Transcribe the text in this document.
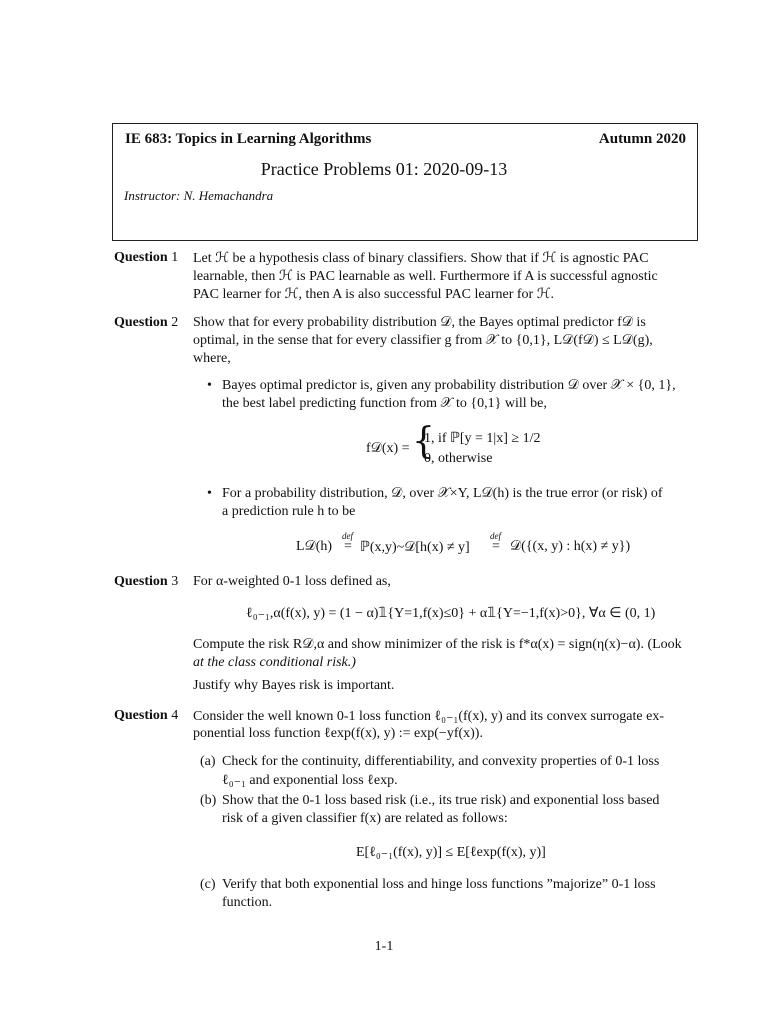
IE 683: Topics in Learning Algorithms	Autumn 2020
Practice Problems 01: 2020-09-13
Instructor: N. Hemachandra
Question 1 Let ℋ be a hypothesis class of binary classifiers. Show that if ℋ is agnostic PAC
learnable, then ℋ is PAC learnable as well. Furthermore if A is successful agnostic
PAC learner for ℋ, then A is also successful PAC learner for ℋ.
Question 2 Show that for every probability distribution 𝒟, the Bayes optimal predictor f𝒟 is
optimal, in the sense that for every classifier g from 𝒳 to {0,1}, L𝒟(f𝒟) ≤ L𝒟(g),
where,
• Bayes optimal predictor is, given any probability distribution 𝒟 over 𝒳 × {0, 1},
the best label predicting function from 𝒳 to {0,1} will be,
f𝒟(x) = {
1, if ℙ[y = 1|x] ≥ 1/2
0, otherwise
• For a probability distribution, 𝒟, over 𝒳×Y, L𝒟(h) is the true error (or risk) of
a prediction rule h to be
L𝒟(h) =
def
ℙ(x,y)~𝒟[h(x) ≠ y] =
def
𝒟({(x, y) : h(x) ≠ y})
Question 3 For α-weighted 0-1 loss defined as,
ℓ₀₋₁,α(f(x), y) = (1 − α)𝟙{Y=1,f(x)≤0} + α𝟙{Y=−1,f(x)>0}, ∀α ∈ (0, 1)
Compute the risk R𝒟,α and show minimizer of the risk is f*α(x) = sign(η(x)−α). (Look
at the class conditional risk.)
Justify why Bayes risk is important.
Question 4 Consider the well known 0-1 loss function ℓ₀₋₁(f(x), y) and its convex surrogate ex-
ponential loss function ℓexp(f(x), y) := exp(−yf(x)).
(a) Check for the continuity, differentiability, and convexity properties of 0-1 loss
ℓ₀₋₁ and exponential loss ℓexp.
(b) Show that the 0-1 loss based risk (i.e., its true risk) and exponential loss based
risk of a given classifier f(x) are related as follows:
E[ℓ₀₋₁(f(x), y)] ≤ E[ℓexp(f(x), y)]
(c) Verify that both exponential loss and hinge loss functions ”majorize” 0-1 loss
function.
1-1
